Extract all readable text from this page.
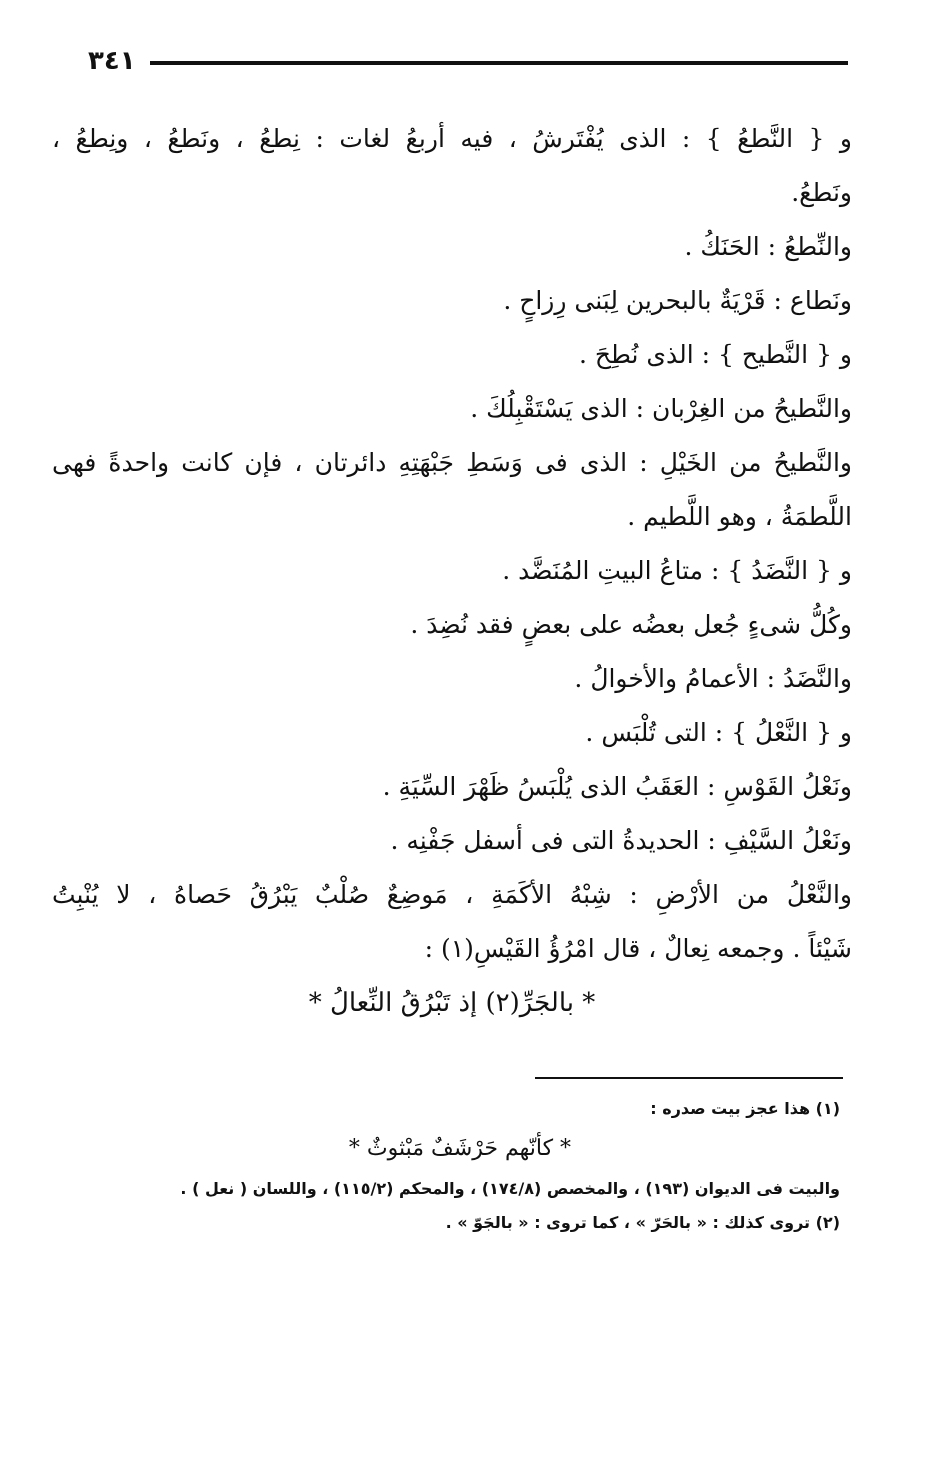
٣٤١
و { النَّطعُ } : الذى يُفْتَرشُ ، فيه أربعُ لغات : نِطعُ ، ونَطعُ ، ونِطعُ ،
ونَطعُ.
والنِّطعُ : الحَنَكُ .
ونَطاع : قَرْيَةٌ بالبحرين لِبَنى رِزاحٍ .
و { النَّطيح } : الذى نُطِحَ .
والنَّطيحُ من الغِرْبان : الذى يَسْتَقْبِلُكَ .
والنَّطيحُ من الخَيْلِ : الذى فى وَسَطِ جَبْهَتِهِ دائرتان ، فإن كانت واحدةً فهى
اللَّطمَةُ ، وهو اللَّطيم .
و { النَّضَدُ } : متاعُ البيتِ المُنَضَّد .
وكُلُّ شىءٍ جُعل بعضُه على بعضٍ فقد نُضِدَ .
والنَّضَدُ : الأعمامُ والأخوالُ .
و { النَّعْلُ } : التى تُلْبَس .
ونَعْلُ القَوْسِ : العَقَبُ الذى يُلْبَسُ ظَهْرَ السِّيَةِ .
ونَعْلُ السَّيْفِ : الحديدةُ التى فى أسفل جَفْنِه .
والنَّعْلُ من الأرْضِ : شِبْهُ الأكَمَةِ ، مَوضِعٌ صُلْبٌ يَبْرُقُ حَصاهُ ، لا يُنْبِتُ
شَيْئاً . وجمعه نِعالٌ ، قال امْرُؤُ القَيْسِ(١) :
* بالجَرِّ(٢) إذ تَبْرُقُ النِّعالُ *
(١) هذا عجز بيت صدره :
* كأنّهم حَرْشَفٌ مَبْثوثٌ *
والبيت فى الديوان (١٩٣) ، والمخصص (١٧٤/٨) ، والمحكم (١١٥/٢) ، واللسان ( نعل ) .
(٢) تروى كذلك : « بالحَرّ » ، كما تروى : « بالجَوّ » .
